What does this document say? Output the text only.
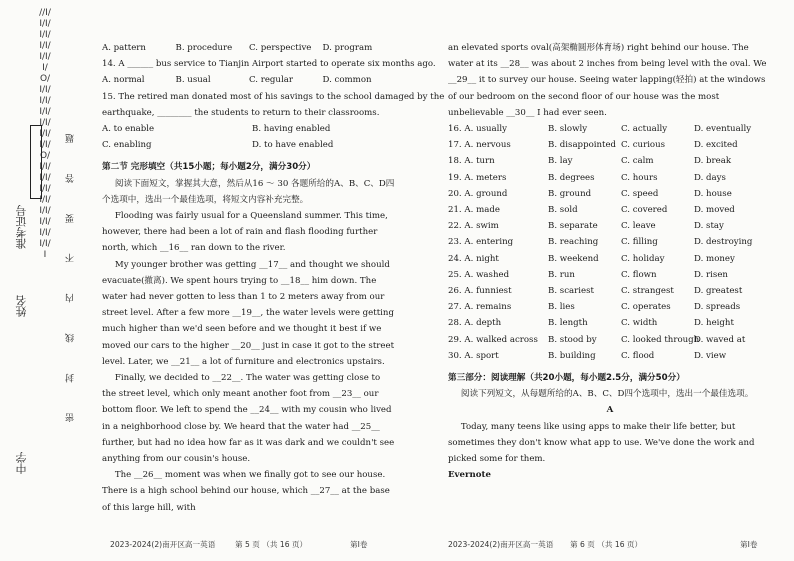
//I/I/I/I/I/I/I/I/I/I/O/I/I/I/I/I/I/I/I/I/I/I/I/O/I/I/I/I/I/I/I/I/I/I/I/I/I/I/I/I/I
中学
姓名
准考证号	密 封 线 内 不 要 答 题
A. pattern	B. procedure	C. perspective	D. program
14. A ______ bus service to Tianjin Airport started to operate six months ago.
A. normal	B. usual	C. regular	D. common
15. The retired man donated most of his savings to the school damaged by the
earthquake, ________ the students to return to their classrooms.
A. to enable	B. having enabled
C. enabling	D. to have enabled
第二节 完形填空（共15小题；每小题2分，满分30分）
阅读下面短文，掌握其大意，然后从16 ～ 30 各题所给的A、B、C、D四
个选项中，选出一个最佳选项，将短文内容补充完整。
Flooding was fairly usual for a Queensland summer. This time, however, there had been a lot of rain and flash flooding further north, which __16__ ran down to the river.
My younger brother was getting __17__ and thought we should evacuate(撤离). We spent hours trying to __18__ him down. The water had never gotten to less than 1 to 2 meters away from our street level. After a few more __19__, the water levels were getting much higher than we'd seen before and we thought it best if we moved our cars to the higher __20__ just in case it got to the street level. Later, we __21__ a lot of furniture and electronics upstairs.
Finally, we decided to __22__. The water was getting close to the street level, which only meant another foot from __23__ our bottom floor. We left to spend the __24__ with my cousin who lived in a neighborhood close by. We heard that the water had __25__ further, but had no idea how far as it was dark and we couldn't see anything from our cousin's house.
The __26__ moment was when we finally got to see our house. There is a high school behind our house, which __27__ at the base of this large hill, with
an elevated sports oval(高架椭圆形体育场) right behind our house. The water at its __28__ was about 2 inches from being level with the oval. We __29__ it to survey our house. Seeing water lapping(轻拍) at the windows of our bedroom on the second floor of our house was the most unbelievable __30__ I had ever seen.
16. A. usually	B. slowly	C. actually	D. eventually
17. A. nervous	B. disappointed C. curious	D. excited
18. A. turn	B. lay	C. calm	D. break
19. A. meters	B. degrees	C. hours	D. days
20. A. ground	B. ground	C. speed	D. house
21. A. made	B. sold	C. covered	D. moved
22. A. swim	B. separate	C. leave	D. stay
23. A. entering	B. reaching	C. filling	D. destroying
24. A. night	B. weekend	C. holiday	D. money
25. A. washed	B. run	C. flown	D. risen
26. A. funniest	B. scariest	C. strangest	D. greatest
27. A. remains	B. lies	C. operates	D. spreads
28. A. depth	B. length	C. width	D. height
29. A. walked across	B. stood by	C. looked through
D. waved at
30. A. sport	B. building	C. flood	D. view
第三部分：阅读理解（共20小题，每小题2.5分，满分50分）
阅读下列短文，从每题所给的A、B、C、D四个选项中，选出一个最佳选项。
A
Today, many teens like using apps to make their life better, but sometimes they don't know what app to use. We've done the work and picked some for them.
Evernote
2023-2024(2)南开区高一英语	第 5 页 （共 16 页）	第Ⅰ卷	2023-2024(2)南开区高一英语 第 6 页 （共 16 页）	第Ⅰ卷
